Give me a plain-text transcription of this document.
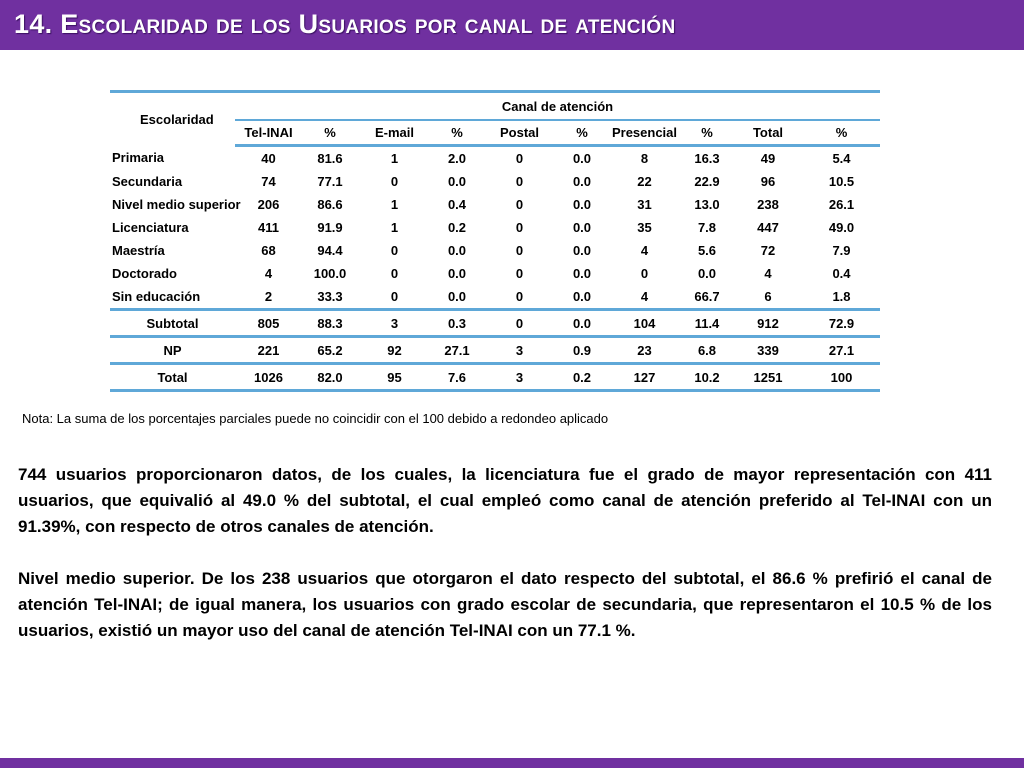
14. Escolaridad de los Usuarios por canal de atención
Escolaridad	Canal de atención									
	Tel-INAI	%	E-mail	%	Postal	%	Presencial	%	Total	%
Primaria	40	81.6	1	2.0	0	0.0	8	16.3	49	5.4
Secundaria	74	77.1	0	0.0	0	0.0	22	22.9	96	10.5
Nivel medio superior	206	86.6	1	0.4	0	0.0	31	13.0	238	26.1
Licenciatura	411	91.9	1	0.2	0	0.0	35	7.8	447	49.0
Maestría	68	94.4	0	0.0	0	0.0	4	5.6	72	7.9
Doctorado	4	100.0	0	0.0	0	0.0	0	0.0	4	0.4
Sin educación	2	33.3	0	0.0	0	0.0	4	66.7	6	1.8
Subtotal	805	88.3	3	0.3	0	0.0	104	11.4	912	72.9
NP	221	65.2	92	27.1	3	0.9	23	6.8	339	27.1
Total	1026	82.0	95	7.6	3	0.2	127	10.2	1251	100
Nota: La suma de los porcentajes parciales puede no coincidir con el 100 debido a redondeo aplicado
744 usuarios proporcionaron datos, de los cuales, la licenciatura fue el grado de mayor representación con 411 usuarios, que equivalió al 49.0 % del subtotal, el cual empleó como canal de atención preferido al Tel-INAI con un 91.39%, con respecto de otros canales de atención.
Nivel medio superior. De los 238 usuarios que otorgaron el dato respecto del subtotal, el 86.6 % prefirió el canal de atención Tel-INAI; de igual manera, los usuarios con grado escolar de secundaria, que representaron el 10.5 % de los usuarios, existió un mayor uso del canal de atención Tel-INAI con un 77.1 %.
